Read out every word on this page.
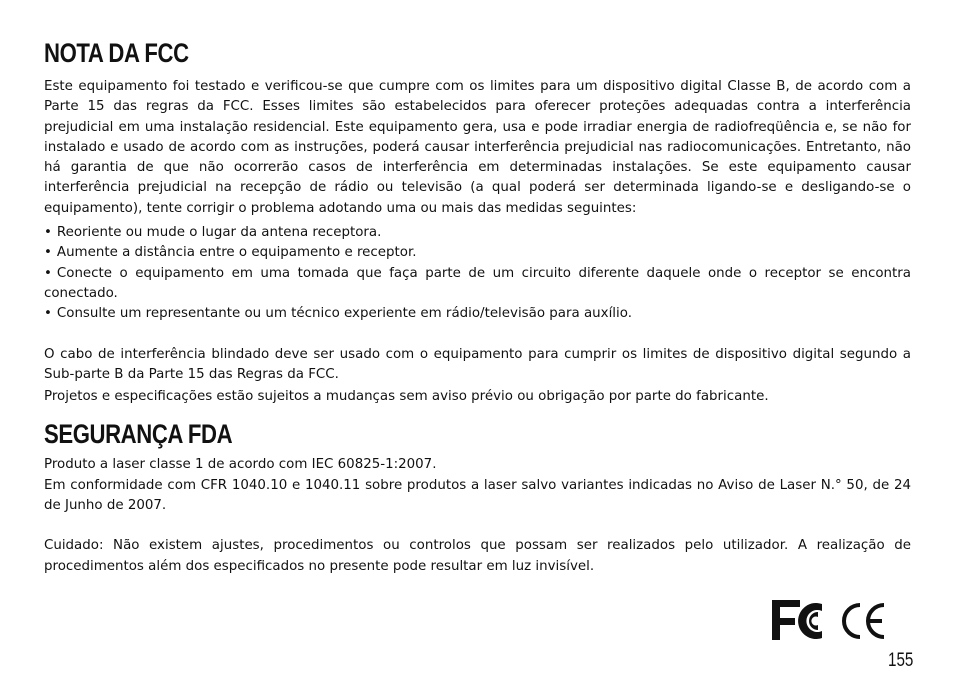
NOTA DA FCC

Este equipamento foi testado e verificou-se que cumpre com os limites para um dispositivo digital Classe B, de acordo com a Parte 15 das regras da FCC. Esses limites são estabelecidos para oferecer proteções adequadas contra a interferência prejudicial em uma instalação residencial. Este equipamento gera, usa e pode irradiar energia de radiofreqüência e, se não for instalado e usado de acordo com as instruções, poderá causar interferência prejudicial nas radiocomunicações. Entretanto, não há garantia de que não ocorrerão casos de interferência em determinadas instalações. Se este equipamento causar interferência prejudicial na recepção de rádio ou televisão (a qual poderá ser determinada ligando-se e desligando-se o equipamento), tente corrigir o problema adotando uma ou mais das medidas seguintes:

• Reoriente ou mude o lugar da antena receptora.
• Aumente a distância entre o equipamento e receptor.
• Conecte o equipamento em uma tomada que faça parte de um circuito diferente daquele onde o receptor se encontra conectado.
• Consulte um representante ou um técnico experiente em rádio/televisão para auxílio.

O cabo de interferência blindado deve ser usado com o equipamento para cumprir os limites de dispositivo digital segundo a Sub-parte B da Parte 15 das Regras da FCC.

Projetos e especificações estão sujeitos a mudanças sem aviso prévio ou obrigação por parte do fabricante.

SEGURANÇA FDA

Produto a laser classe 1 de acordo com IEC 60825-1:2007.

Em conformidade com CFR 1040.10 e 1040.11 sobre produtos a laser salvo variantes indicadas no Aviso de Laser N.° 50, de 24 de Junho de 2007.

Cuidado: Não existem ajustes, procedimentos ou controlos que possam ser realizados pelo utilizador. A realização de procedimentos além dos especificados no presente pode resultar em luz invisível.

155
